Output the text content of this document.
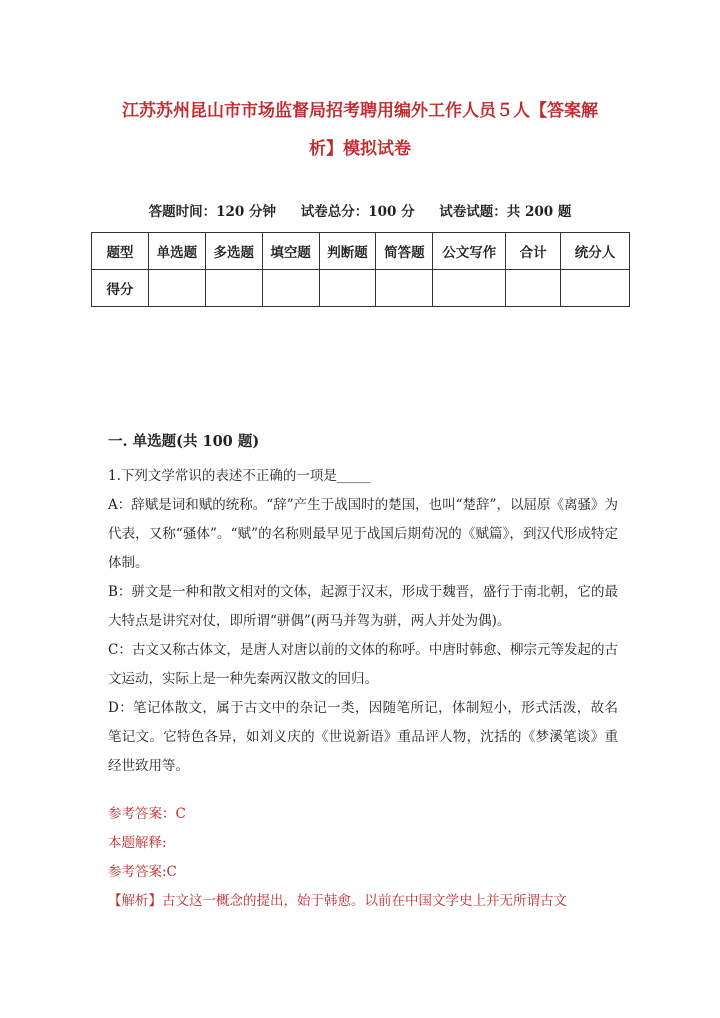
江苏苏州昆山市市场监督局招考聘用编外工作人员５人【答案解
析】模拟试卷
答题时间：120 分钟 试卷总分：100 分 试卷试题：共 200 题
题型	单选题	多选题	填空题	判断题	简答题	公文写作	合计	统分人
得分								
一. 单选题(共 100 题)

1.下列文学常识的表述不正确的一项是_____

A：辞赋是词和赋的统称。“辞”产生于战国时的楚国，也叫“楚辞”，以屈原《离骚》为代表，又称“骚体”。“赋”的名称则最早见于战国后期荀况的《赋篇》，到汉代形成特定体制。

B：骈文是一种和散文相对的文体，起源于汉末，形成于魏晋，盛行于南北朝，它的最大特点是讲究对仗，即所谓“骈偶”(两马并驾为骈，两人并处为偶)。

C：古文又称古体文，是唐人对唐以前的文体的称呼。中唐时韩愈、柳宗元等发起的古文运动，实际上是一种先秦两汉散文的回归。

D：笔记体散文，属于古文中的杂记一类，因随笔所记，体制短小，形式活泼，故名笔记文。它特色各异，如刘义庆的《世说新语》重品评人物，沈括的《梦溪笔谈》重经世致用等。

参考答案：C

本题解释:

参考答案:C

【解析】古文这一概念的提出，始于韩愈。以前在中国文学史上并无所谓古文
